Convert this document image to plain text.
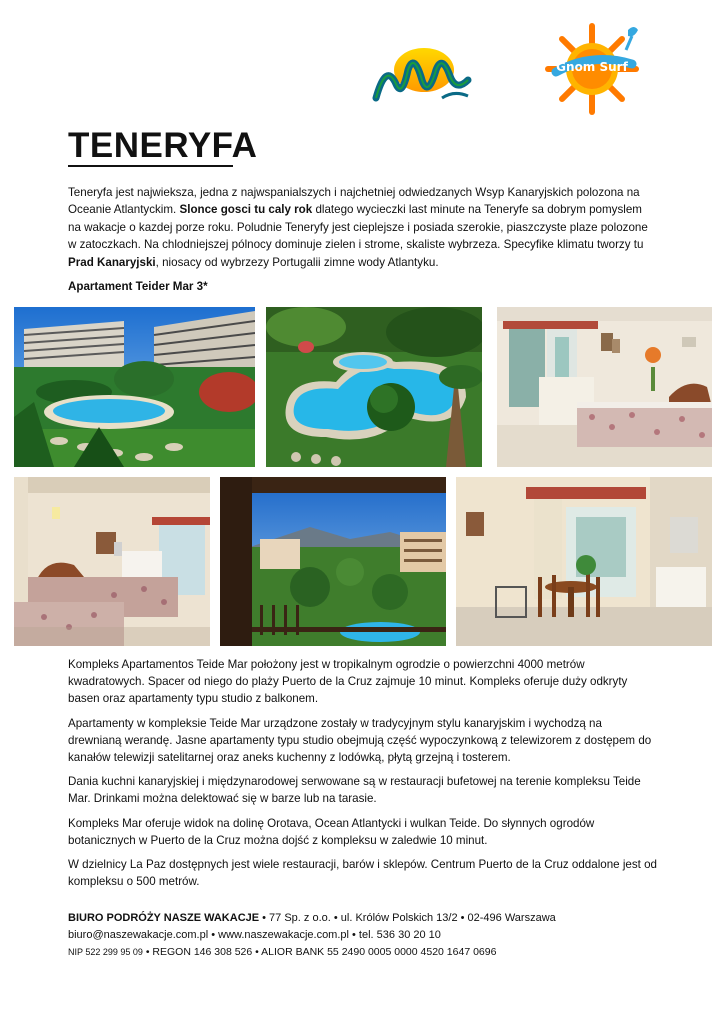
Gnom Surf
TENERYFA
Teneryfa jest najwieksza, jedna z najwspanialszych i najchetniej odwiedzanych Wsyp Kanaryjskich polozona na Oceanie Atlantyckim. Slonce gosci tu caly rok dlatego wycieczki last minute na Teneryfe sa dobrym pomyslem na wakacje o kazdej porze roku. Poludnie Teneryfy jest cieplejsze i posiada szerokie, piaszczyste plaze polozone w zatoczkach. Na chlodniejszej pólnocy dominuje zielen i strome, skaliste wybrzeza. Specyfike klimatu tworzy tu Prad Kanaryjski, niosacy od wybrzezy Portugalii zimne wody Atlantyku.
Apartament Teider Mar 3*

Kompleks Apartamentos Teide Mar położony jest w tropikalnym ogrodzie o powierzchni 4000 metrów kwadratowych. Spacer od niego do plaży Puerto de la Cruz zajmuje 10 minut. Kompleks oferuje duży odkryty basen oraz apartamenty typu studio z balkonem.

Apartamenty w kompleksie Teide Mar urządzone zostały w tradycyjnym stylu kanaryjskim i wychodzą na drewnianą werandę. Jasne apartamenty typu studio obejmują część wypoczynkową z telewizorem z dostępem do kanałów telewizji satelitarnej oraz aneks kuchenny z lodówką, płytą grzejną i tosterem.

Dania kuchni kanaryjskiej i międzynarodowej serwowane są w restauracji bufetowej na terenie kompleksu Teide Mar. Drinkami można delektować się w barze lub na tarasie.

Kompleks Mar oferuje widok na dolinę Orotava, Ocean Atlantycki i wulkan Teide. Do słynnych ogrodów botanicznych w Puerto de la Cruz można dojść z kompleksu w zaledwie 10 minut.

W dzielnicy La Paz dostępnych jest wiele restauracji, barów i sklepów. Centrum Puerto de la Cruz oddalone jest od kompleksu o 500 metrów.

BIURO PODRÓŻY NASZE WAKACJE • 77 Sp. z o.o. • ul. Królów Polskich 13/2 • 02-496 Warszawa
biuro@naszewakacje.com.pl • www.naszewakacje.com.pl • tel. 536 30 20 10
NIP 522 299 95 09 • REGON 146 308 526 • ALIOR BANK 55 2490 0005 0000 4520 1647 0696
